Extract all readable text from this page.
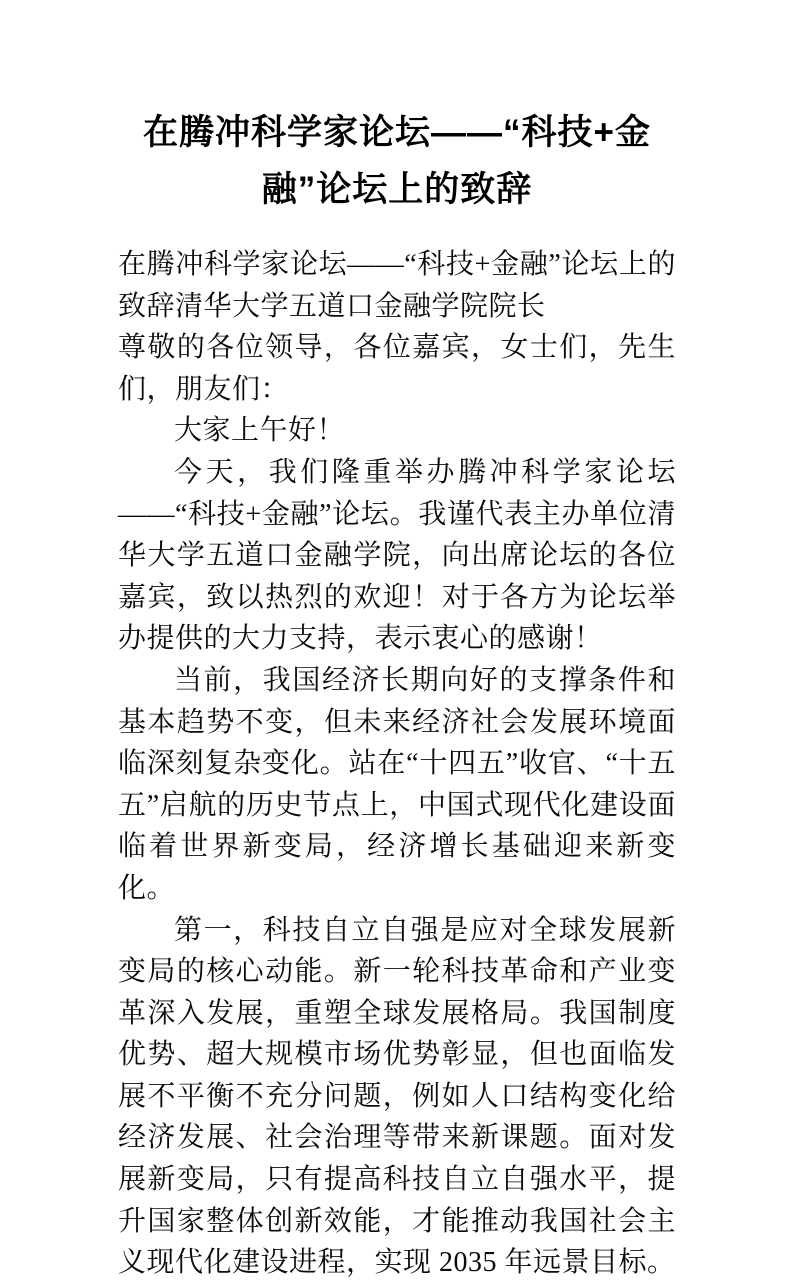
在腾冲科学家论坛——“科技+金融”论坛上的致辞

在腾冲科学家论坛——“科技+金融”论坛上的致辞清华大学五道口金融学院院长

尊敬的各位领导，各位嘉宾，女士们，先生们，朋友们：

大家上午好！

今天，我们隆重举办腾冲科学家论坛——“科技+金融”论坛。我谨代表主办单位清华大学五道口金融学院，向出席论坛的各位嘉宾，致以热烈的欢迎！对于各方为论坛举办提供的大力支持，表示衷心的感谢！

当前，我国经济长期向好的支撑条件和基本趋势不变，但未来经济社会发展环境面临深刻复杂变化。站在“十四五”收官、“十五五”启航的历史节点上，中国式现代化建设面临着世界新变局，经济增长基础迎来新变化。

第一，科技自立自强是应对全球发展新变局的核心动能。新一轮科技革命和产业变革深入发展，重塑全球发展格局。我国制度优势、超大规模市场优势彰显，但也面临发展不平衡不充分问题，例如人口结构变化给经济发展、社会治理等带来新课题。面对发展新变局，只有提高科技自立自强水平，提升国家整体创新效能，才能推动我国社会主义现代化建设进程，实现 2035 年远景目标。
